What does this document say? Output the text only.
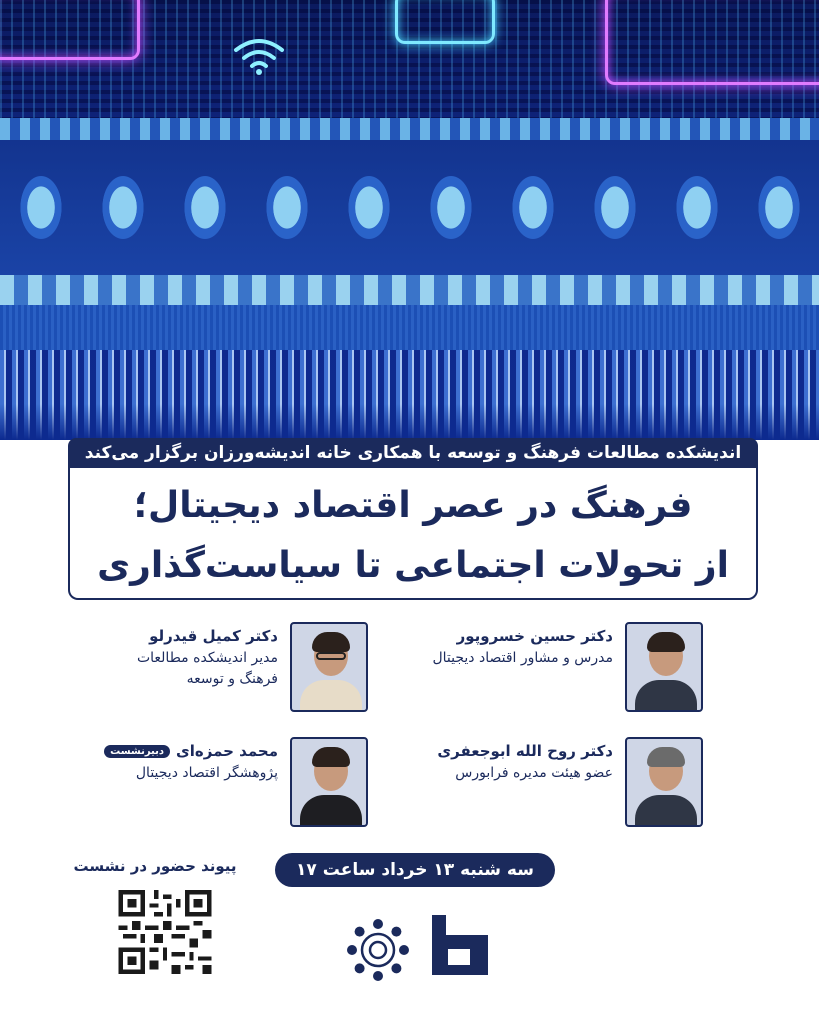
اندیشکده مطالعات فرهنگ و توسعه با همکاری خانه اندیشه‌ورزان برگزار می‌کند
فرهنگ در عصر اقتصاد دیجیتال؛
از تحولات اجتماعی تا سیاست‌گذاری
دکتر حسین خسروپور
مدرس و مشاور اقتصاد دیجیتال
دکتر کمیل قیدرلو
مدیر اندیشکده مطالعات
فرهنگ و توسعه
دکتر روح الله ابوجعفری
عضو هیئت مدیره فرابورس
محمد حمزه‌ایدبیرنشست
پژوهشگر اقتصاد دیجیتال
سه شنبه ۱۳ خرداد ساعت ۱۷
پیوند حضور در نشست
